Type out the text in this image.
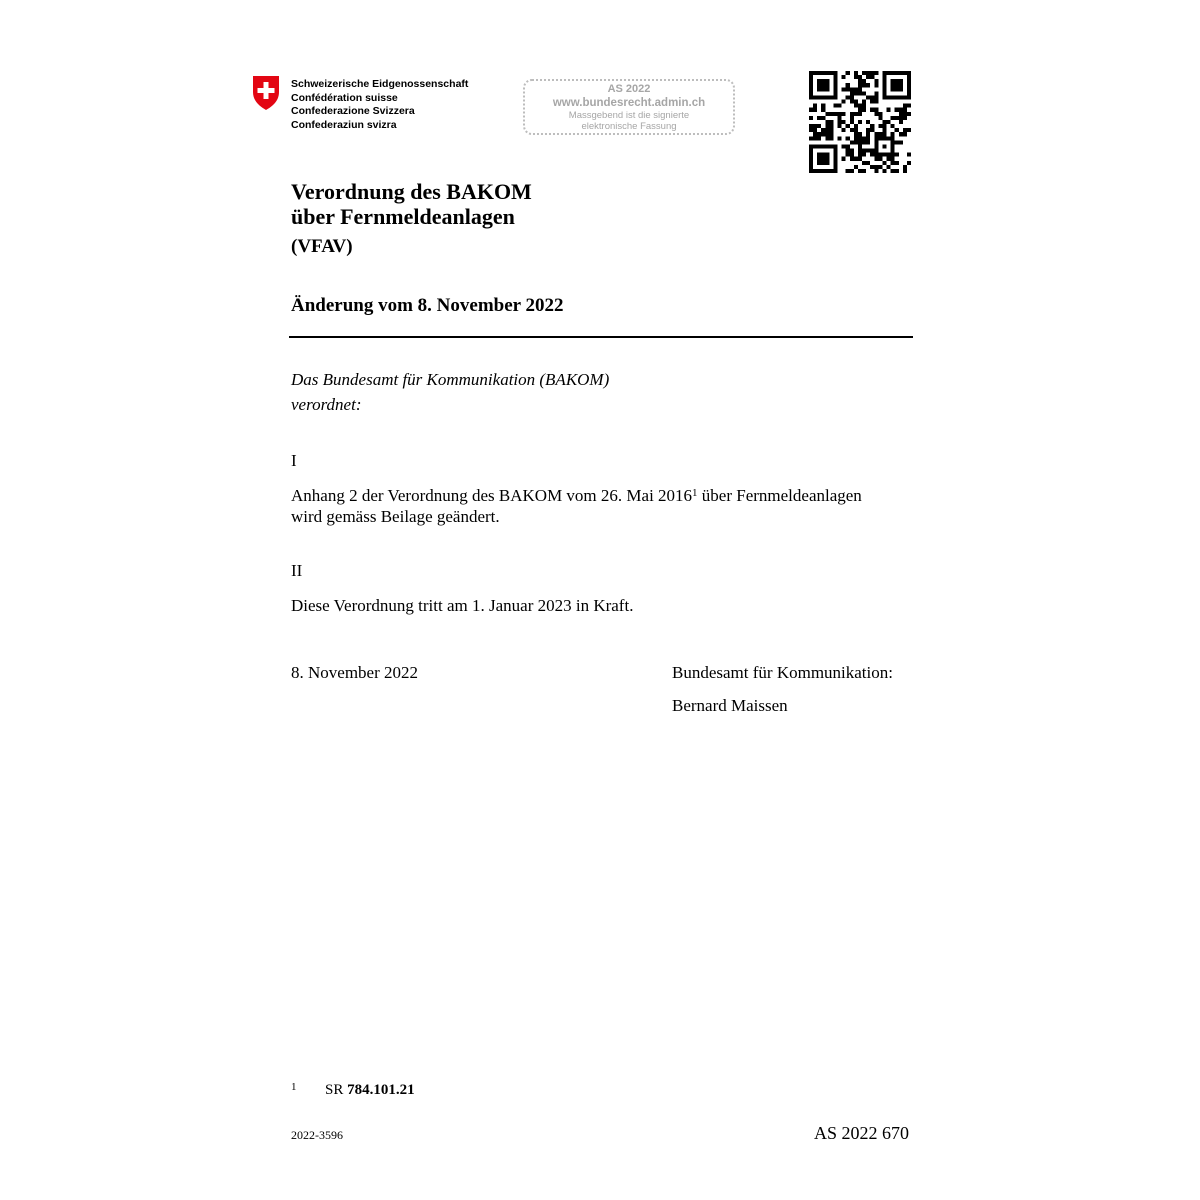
Schweizerische Eidgenossenschaft
Confédération suisse
Confederazione Svizzera
Confederaziun svizra
AS 2022
www.bundesrecht.admin.ch
Massgebend ist die signierte
elektronische Fassung
Verordnung des BAKOM
über Fernmeldeanlagen
(VFAV)
Änderung vom 8. November 2022
Das Bundesamt für Kommunikation (BAKOM)
verordnet:
I
Anhang 2 der Verordnung des BAKOM vom 26. Mai 2016$^1$ über Fernmeldeanlagen
wird gemäss Beilage geändert.
II
Diese Verordnung tritt am 1. Januar 2023 in Kraft.
8. November 2022	Bundesamt für Kommunikation:
Bernard Maissen
1 SR 784.101.21
2022-3596	AS 2022 670
